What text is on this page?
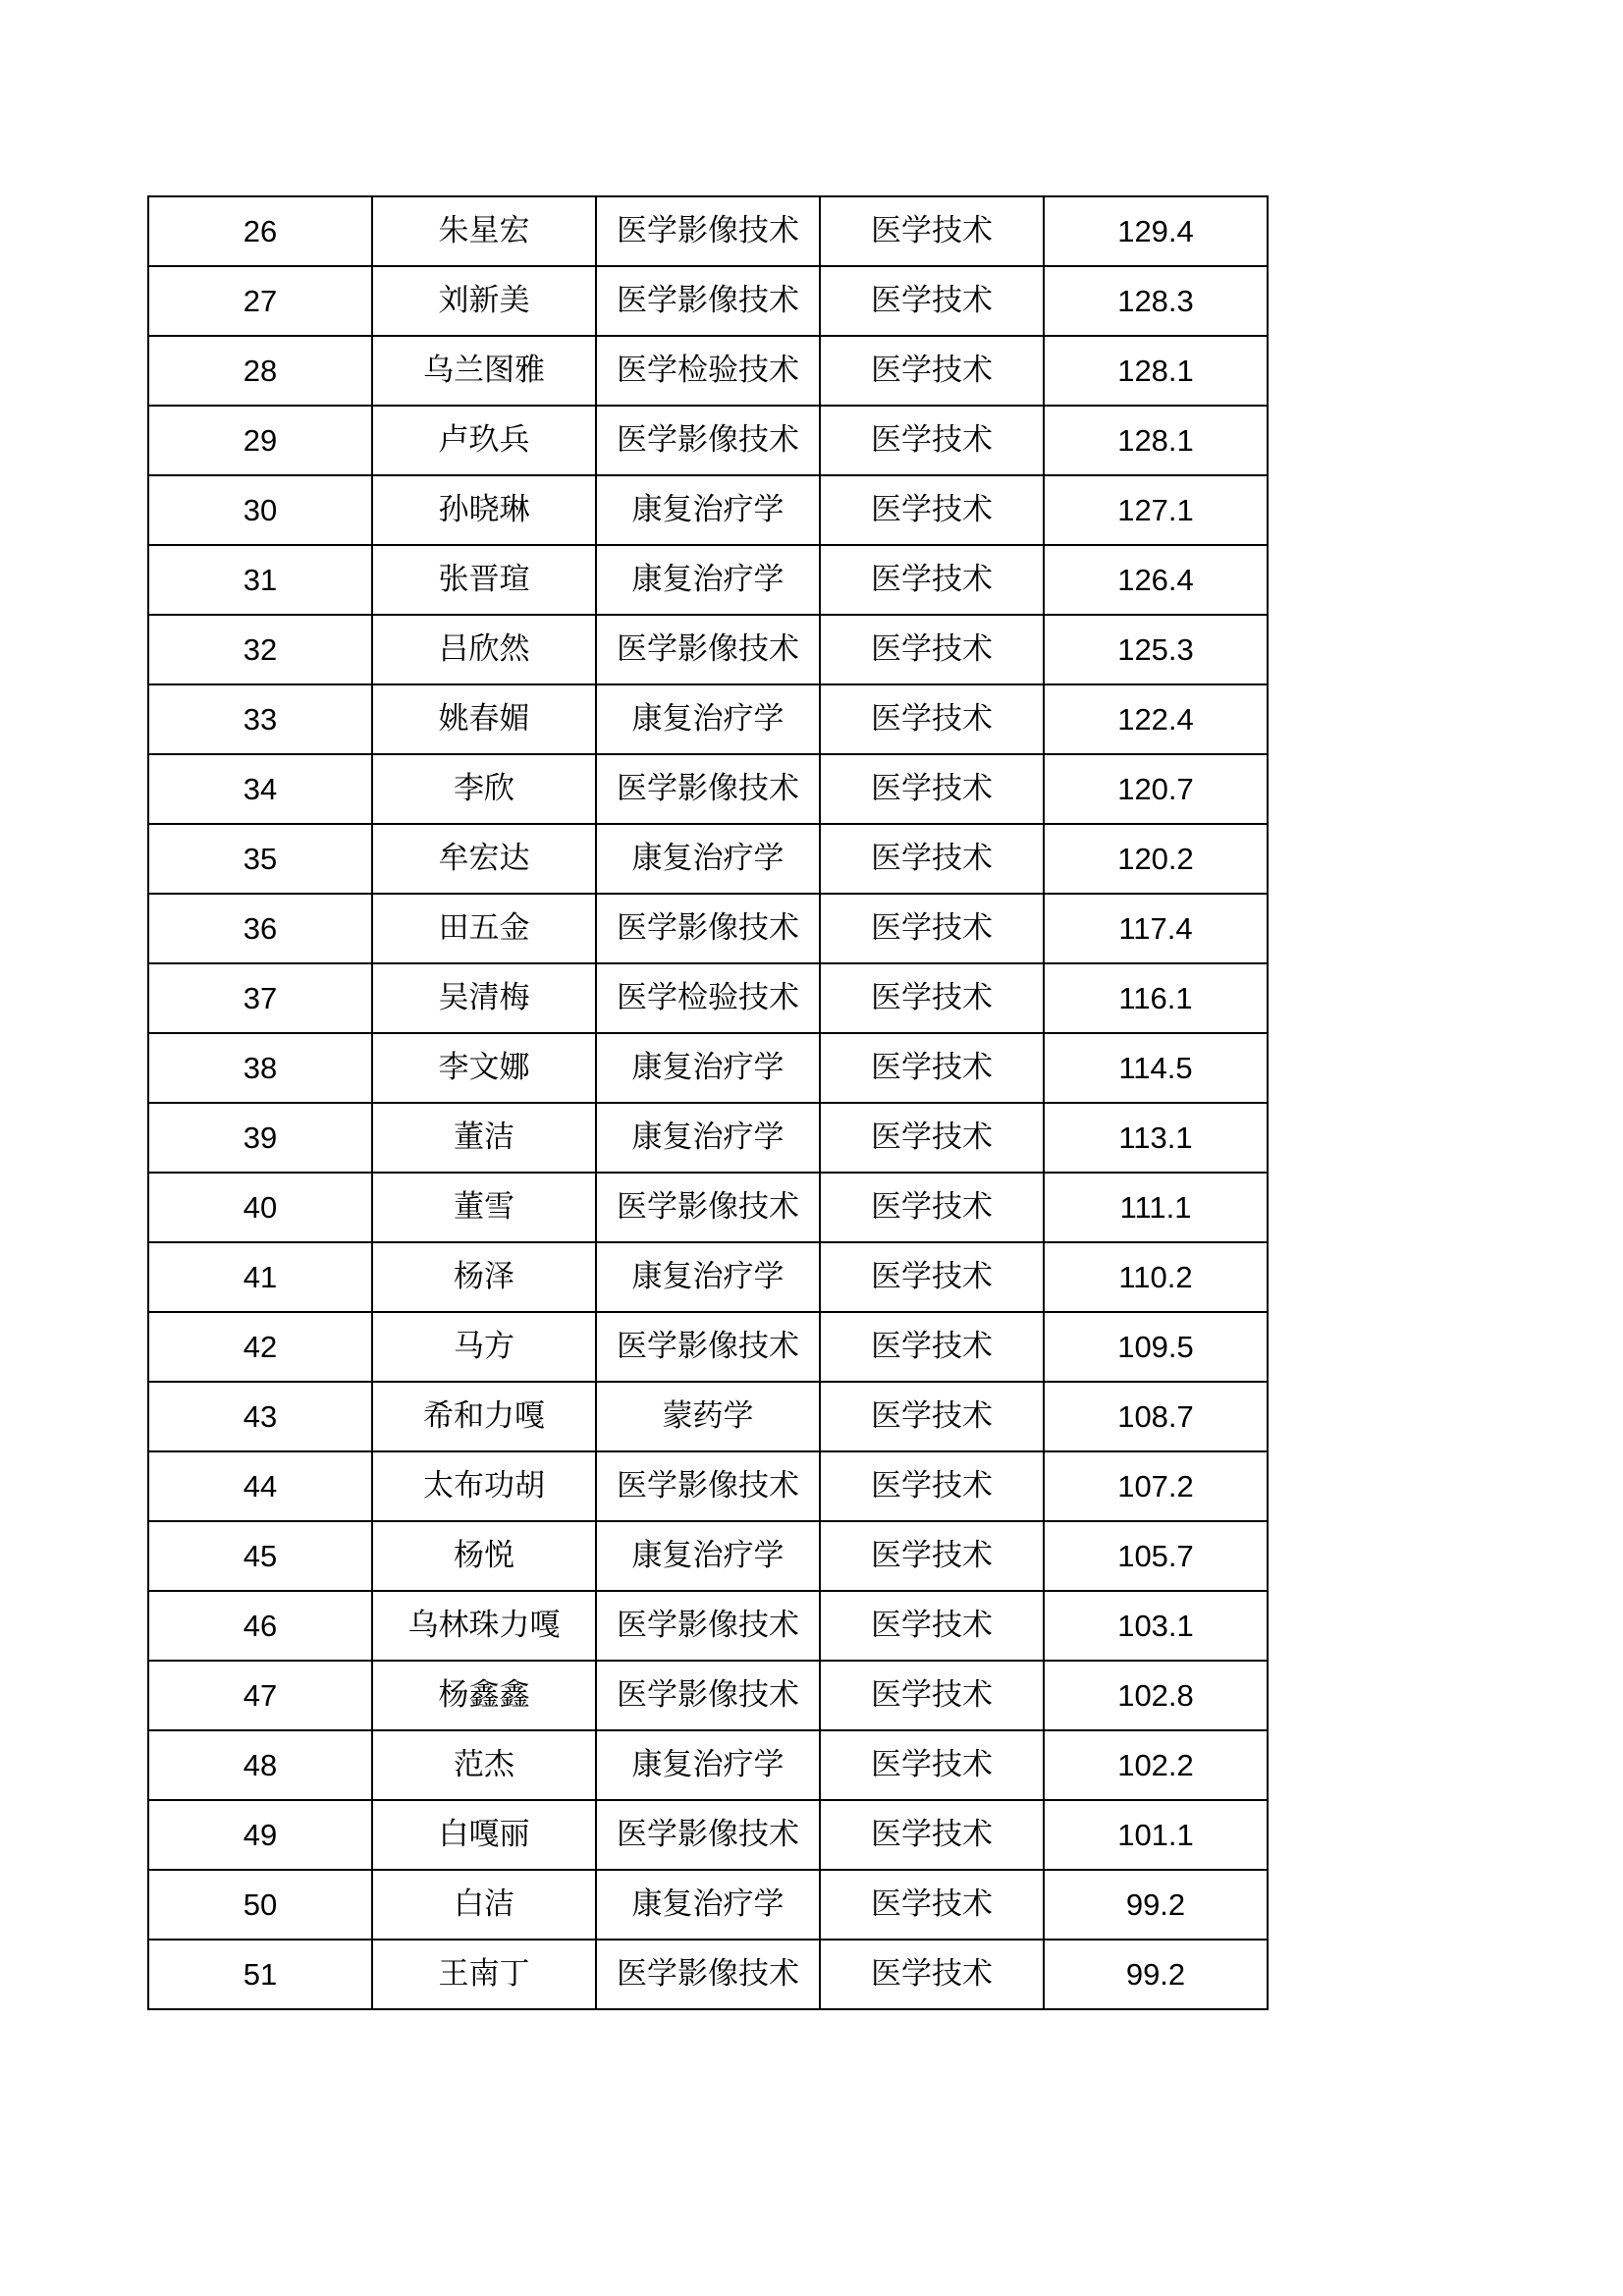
26	朱星宏	医学影像技术	医学技术	129.4
27	刘新美	医学影像技术	医学技术	128.3
28	乌兰图雅	医学检验技术	医学技术	128.1
29	卢玖兵	医学影像技术	医学技术	128.1
30	孙晓琳	康复治疗学	医学技术	127.1
31	张晋瑄	康复治疗学	医学技术	126.4
32	吕欣然	医学影像技术	医学技术	125.3
33	姚春媚	康复治疗学	医学技术	122.4
34	李欣	医学影像技术	医学技术	120.7
35	牟宏达	康复治疗学	医学技术	120.2
36	田五金	医学影像技术	医学技术	117.4
37	吴清梅	医学检验技术	医学技术	116.1
38	李文娜	康复治疗学	医学技术	114.5
39	董洁	康复治疗学	医学技术	113.1
40	董雪	医学影像技术	医学技术	111.1
41	杨泽	康复治疗学	医学技术	110.2
42	马方	医学影像技术	医学技术	109.5
43	希和力嘎	蒙药学	医学技术	108.7
44	太布功胡	医学影像技术	医学技术	107.2
45	杨悦	康复治疗学	医学技术	105.7
46	乌林珠力嘎	医学影像技术	医学技术	103.1
47	杨鑫鑫	医学影像技术	医学技术	102.8
48	范杰	康复治疗学	医学技术	102.2
49	白嘎丽	医学影像技术	医学技术	101.1
50	白洁	康复治疗学	医学技术	99.2
51	王南丁	医学影像技术	医学技术	99.2
